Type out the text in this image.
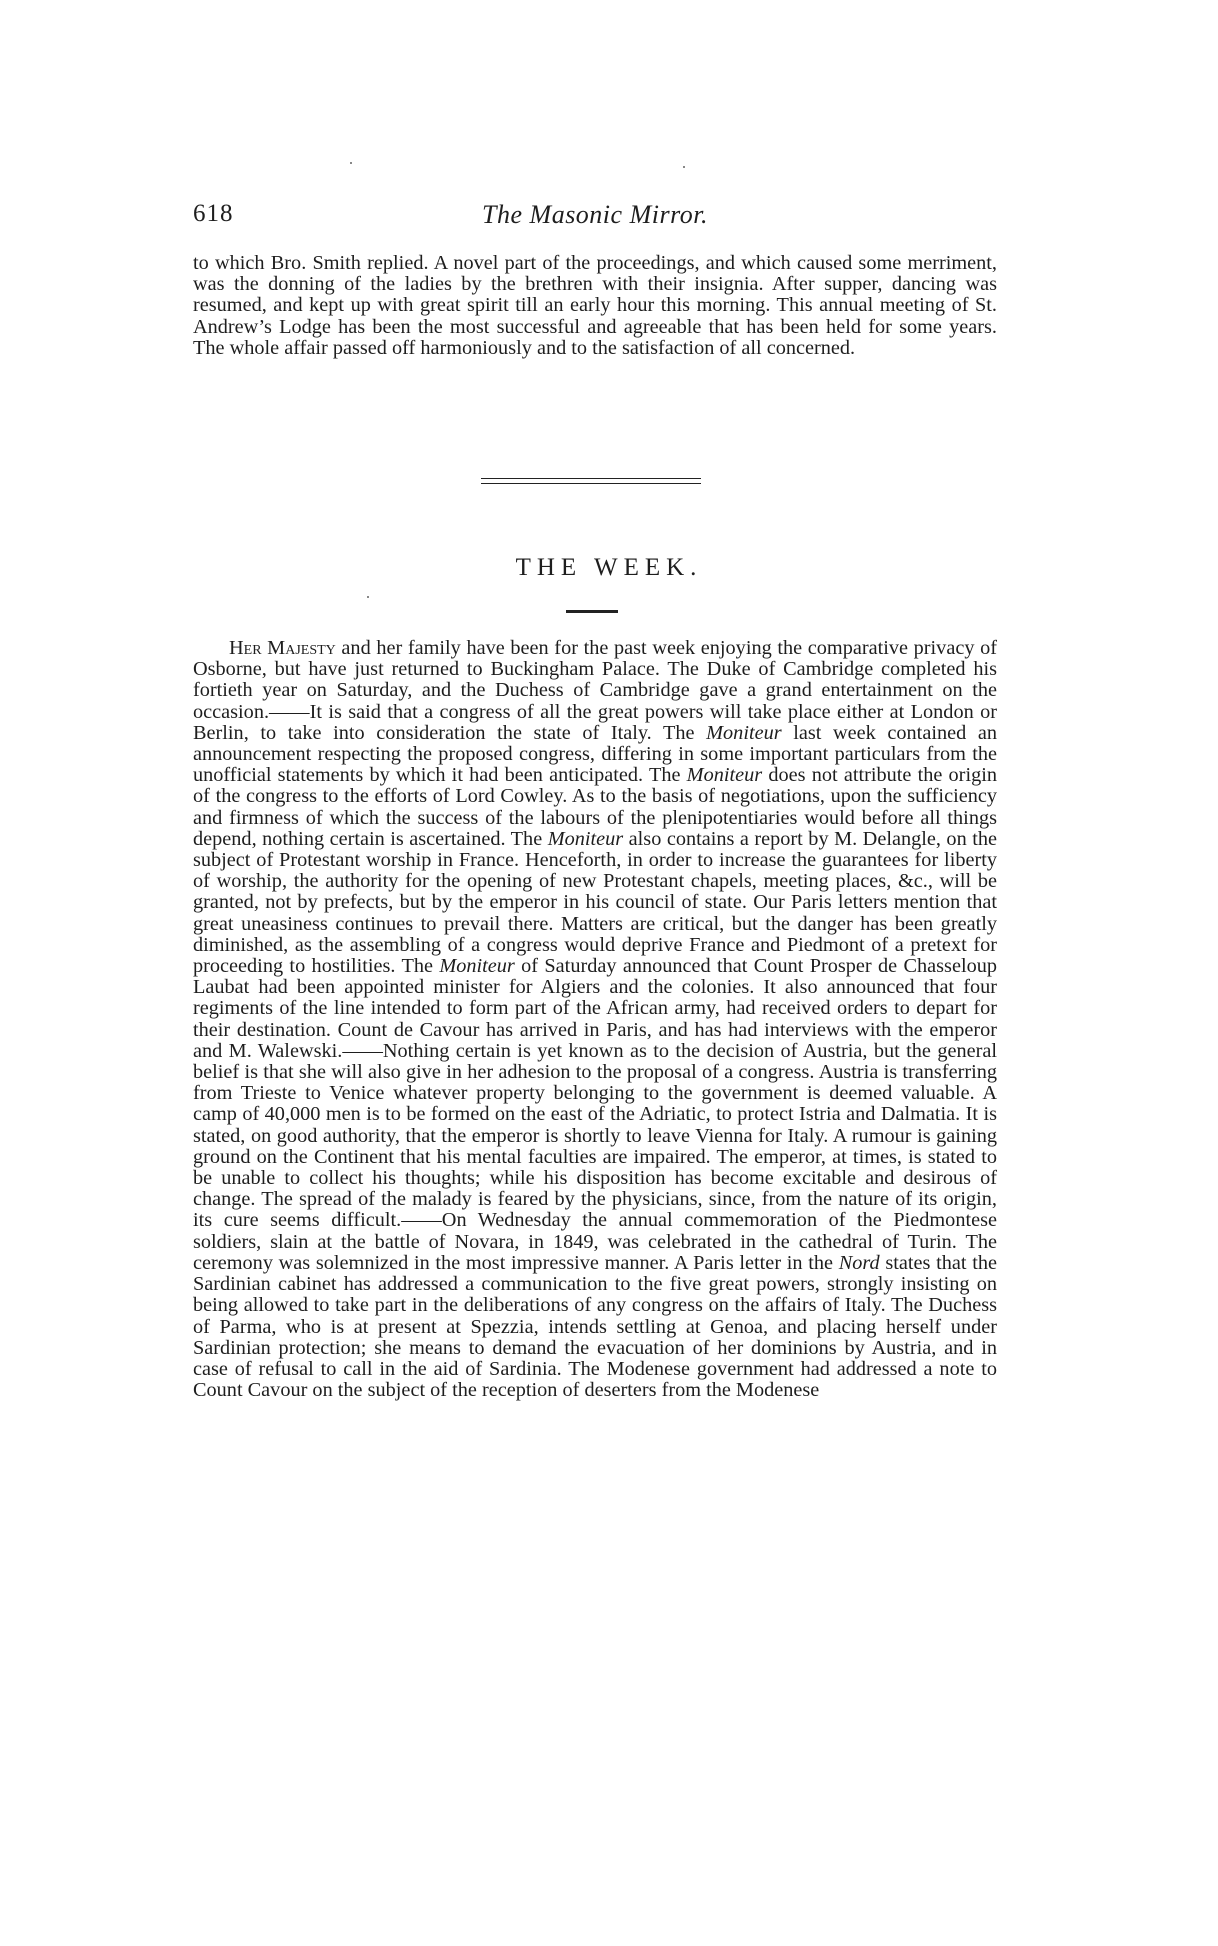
618	The Masonic Mirror.

to which Bro. Smith replied. A novel part of the proceedings, and which caused some merriment, was the donning of the ladies by the brethren with their insignia. After supper, dancing was resumed, and kept up with great spirit till an early hour this morning. This annual meeting of St. Andrew’s Lodge has been the most successful and agreeable that has been held for some years. The whole affair passed off harmoniously and to the satisfaction of all concerned.

THE WEEK.

Her Majesty and her family have been for the past week enjoying the comparative privacy of Osborne, but have just returned to Buckingham Palace. The Duke of Cambridge completed his fortieth year on Saturday, and the Duchess of Cambridge gave a grand entertainment on the occasion.——It is said that a congress of all the great powers will take place either at London or Berlin, to take into consideration the state of Italy. The Moniteur last week contained an announcement respecting the proposed congress, differing in some important particulars from the unofficial statements by which it had been anticipated. The Moniteur does not attribute the origin of the congress to the efforts of Lord Cowley. As to the basis of negotiations, upon the sufficiency and firmness of which the success of the labours of the plenipotentiaries would before all things depend, nothing certain is ascertained. The Moniteur also contains a report by M. Delangle, on the subject of Protestant worship in France. Henceforth, in order to increase the guarantees for liberty of worship, the authority for the opening of new Protestant chapels, meeting places, &c., will be granted, not by prefects, but by the emperor in his council of state. Our Paris letters mention that great uneasiness continues to prevail there. Matters are critical, but the danger has been greatly diminished, as the assembling of a congress would deprive France and Piedmont of a pretext for proceeding to hostilities. The Moniteur of Saturday announced that Count Prosper de Chasseloup Laubat had been appointed minister for Algiers and the colonies. It also announced that four regiments of the line intended to form part of the African army, had received orders to depart for their destination. Count de Cavour has arrived in Paris, and has had interviews with the emperor and M. Walewski.——Nothing certain is yet known as to the decision of Austria, but the general belief is that she will also give in her adhesion to the proposal of a congress. Austria is transferring from Trieste to Venice whatever property belonging to the government is deemed valuable. A camp of 40,000 men is to be formed on the east of the Adriatic, to protect Istria and Dalmatia. It is stated, on good authority, that the emperor is shortly to leave Vienna for Italy. A rumour is gaining ground on the Continent that his mental faculties are impaired. The emperor, at times, is stated to be unable to collect his thoughts; while his disposition has become excitable and desirous of change. The spread of the malady is feared by the physicians, since, from the nature of its origin, its cure seems difficult.——On Wednesday the annual commemoration of the Piedmontese soldiers, slain at the battle of Novara, in 1849, was celebrated in the cathedral of Turin. The ceremony was solemnized in the most impressive manner. A Paris letter in the Nord states that the Sardinian cabinet has addressed a communication to the five great powers, strongly insisting on being allowed to take part in the deliberations of any congress on the affairs of Italy. The Duchess of Parma, who is at present at Spezzia, intends settling at Genoa, and placing herself under Sardinian protection; she means to demand the evacuation of her dominions by Austria, and in case of refusal to call in the aid of Sardinia. The Modenese government had addressed a note to Count Cavour on the subject of the reception of deserters from the Modenese
